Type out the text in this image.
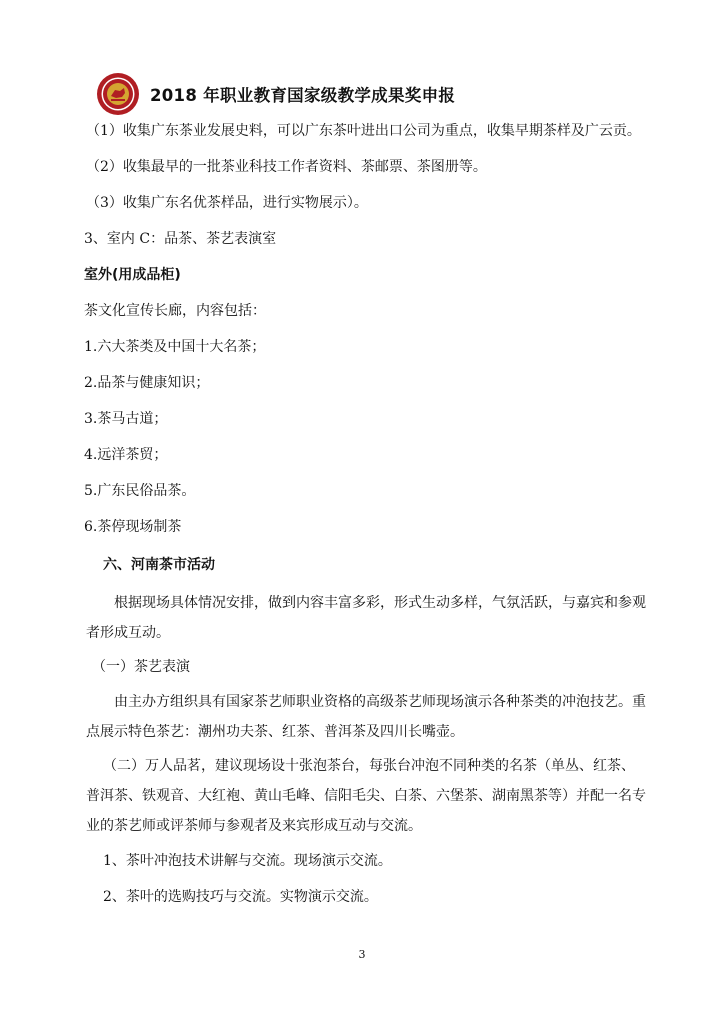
2018 年职业教育国家级教学成果奖申报
（1）收集广东茶业发展史料，可以广东茶叶进出口公司为重点，收集早期茶样及广云贡。
（2）收集最早的一批茶业科技工作者资料、茶邮票、茶图册等。
（3）收集广东名优茶样品，进行实物展示）。
3、室内 C：品茶、茶艺表演室
室外(用成品柜)
茶文化宣传长廊，内容包括：
1.六大茶类及中国十大名茶；
2.品茶与健康知识；
3.茶马古道；
4.远洋茶贸；
5.广东民俗品茶。
6.茶停现场制茶
六、河南茶市活动
根据现场具体情况安排，做到内容丰富多彩，形式生动多样，气氛活跃，与嘉宾和参观者形成互动。
（一）茶艺表演
由主办方组织具有国家茶艺师职业资格的高级茶艺师现场演示各种茶类的冲泡技艺。重点展示特色茶艺：潮州功夫茶、红茶、普洱茶及四川长嘴壶。
（二）万人品茗，建议现场设十张泡茶台，每张台冲泡不同种类的名茶（单丛、红茶、普洱茶、铁观音、大红袍、黄山毛峰、信阳毛尖、白茶、六堡茶、湖南黑茶等）并配一名专业的茶艺师或评茶师与参观者及来宾形成互动与交流。
1、茶叶冲泡技术讲解与交流。现场演示交流。
2、茶叶的选购技巧与交流。实物演示交流。
3
